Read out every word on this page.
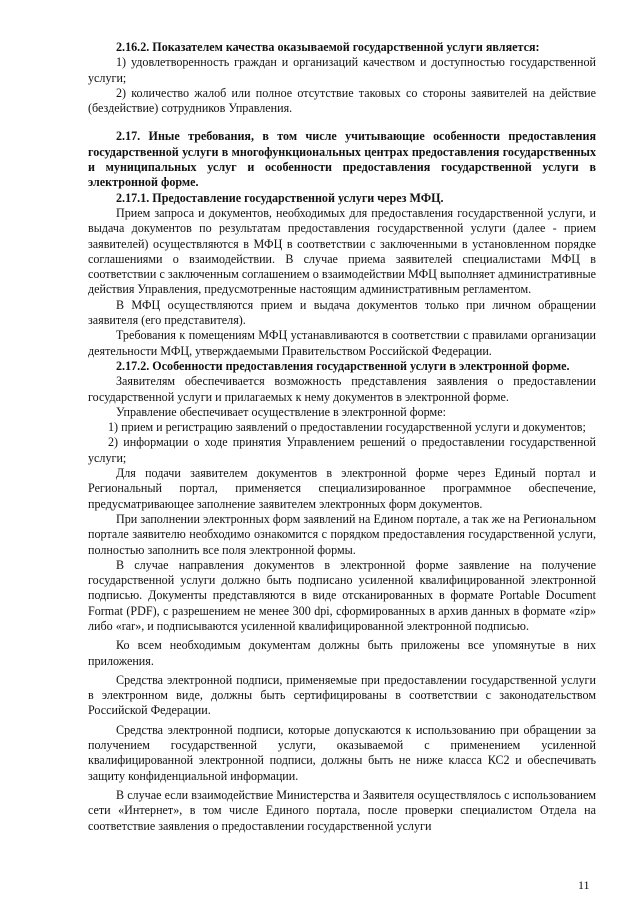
2.16.2. Показателем качества оказываемой государственной услуги является:

1) удовлетворенность граждан и организаций качеством и доступностью государственной услуги;

2) количество жалоб или полное отсутствие таковых со стороны заявителей на действие (бездействие) сотрудников Управления.

2.17. Иные требования, в том числе учитывающие особенности предоставления государственной услуги в многофункциональных центрах предоставления государственных и муниципальных услуг и особенности предоставления государственной услуги в электронной форме.

2.17.1. Предоставление государственной услуги через МФЦ.

Прием запроса и документов, необходимых для предоставления государственной услуги, и выдача документов по результатам предоставления государственной услуги (далее - прием заявителей) осуществляются в МФЦ в соответствии с заключенными в установленном порядке соглашениями о взаимодействии. В случае приема заявителей специалистами МФЦ в соответствии с заключенным соглашением о взаимодействии МФЦ выполняет административные действия Управления, предусмотренные настоящим административным регламентом.

В МФЦ осуществляются прием и выдача документов только при личном обращении заявителя (его представителя).

Требования к помещениям МФЦ устанавливаются в соответствии с правилами организации деятельности МФЦ, утверждаемыми Правительством Российской Федерации.

2.17.2. Особенности предоставления государственной услуги в электронной форме.

Заявителям обеспечивается возможность представления заявления о предоставлении государственной услуги и прилагаемых к нему документов в электронной форме.

Управление обеспечивает осуществление в электронной форме:

1) прием и регистрацию заявлений о предоставлении государственной услуги и документов;

2) информации о ходе принятия Управлением решений о предоставлении государственной услуги;

Для подачи заявителем документов в электронной форме через Единый портал и Региональный портал, применяется специализированное программное обеспечение, предусматривающее заполнение заявителем электронных форм документов.

При заполнении электронных форм заявлений на Едином портале, а так же на Региональном портале заявителю необходимо ознакомится с порядком предоставления государственной услуги, полностью заполнить все поля электронной формы.

В случае направления документов в электронной форме заявление на получение государственной услуги должно быть подписано усиленной квалифицированной электронной подписью. Документы представляются в виде отсканированных в формате Portable Document Format (PDF), с разрешением не менее 300 dpi, сформированных в архив данных в формате «zip» либо «rar», и подписываются усиленной квалифицированной электронной подписью.

Ко всем необходимым документам должны быть приложены все упомянутые в них приложения.

Средства электронной подписи, применяемые при предоставлении государственной услуги в электронном виде, должны быть сертифицированы в соответствии с законодательством Российской Федерации.

Средства электронной подписи, которые допускаются к использованию при обращении за получением государственной услуги, оказываемой с применением усиленной квалифицированной электронной подписи, должны быть не ниже класса КС2 и обеспечивать защиту конфиденциальной информации.

В случае если взаимодействие Министерства и Заявителя осуществлялось с использованием сети «Интернет», в том числе Единого портала, после проверки специалистом Отдела на соответствие заявления о предоставлении государственной услуги

11
